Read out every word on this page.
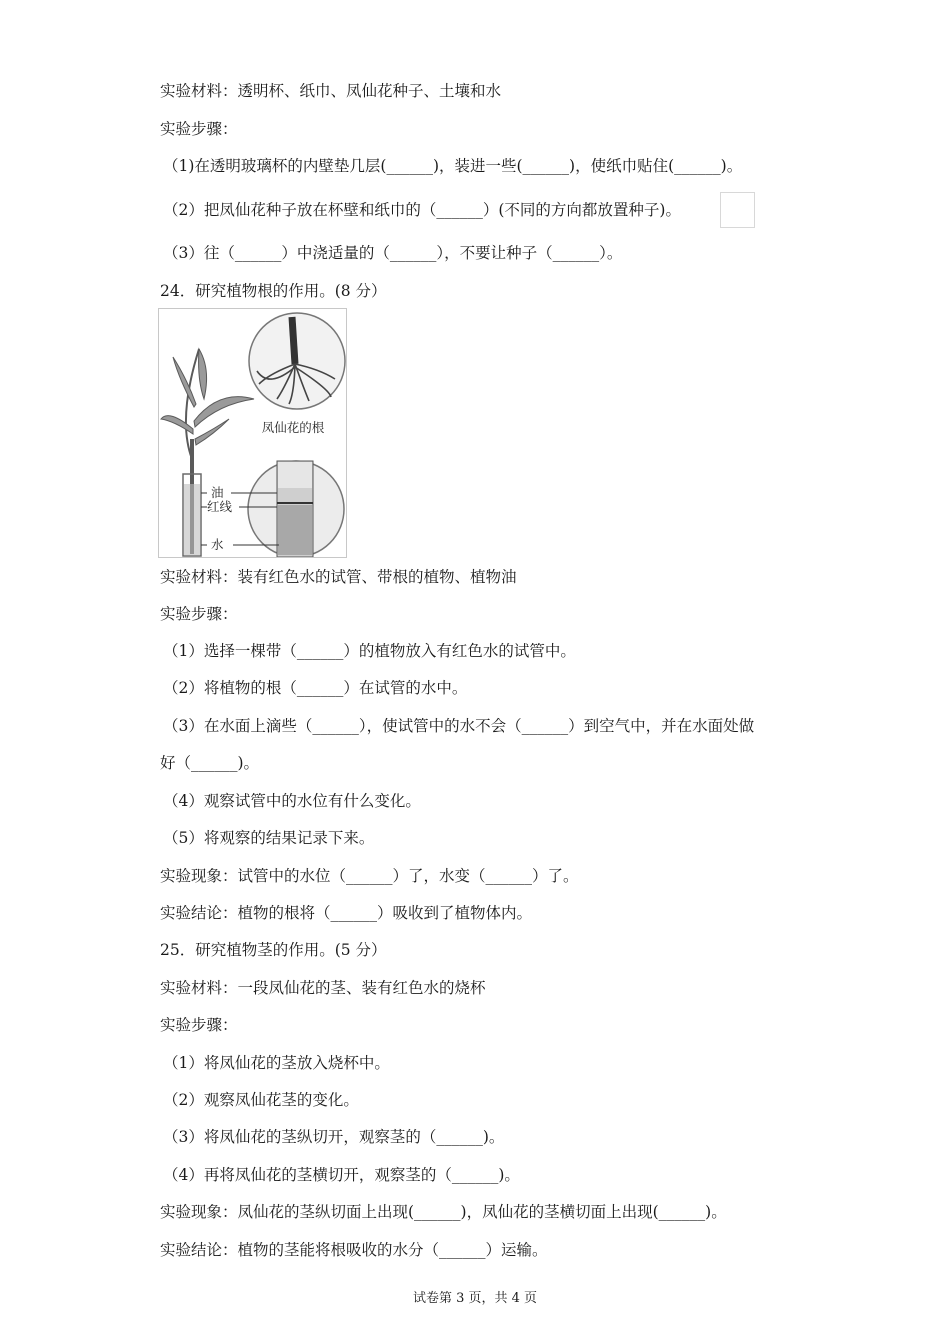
实验材料：透明杯、纸巾、凤仙花种子、土壤和水
实验步骤：
（1)在透明玻璃杯的内壁垫几层(______)，装进一些(______)，使纸巾贴住(______)。
（2）把凤仙花种子放在杯壁和纸巾的（______）(不同的方向都放置种子)。
（3）往（______）中浇适量的（______），不要让种子（______）。
24．研究植物根的作用。(8 分）
凤仙花的根
油
红线
水
实验材料：装有红色水的试管、带根的植物、植物油
实验步骤：
（1）选择一棵带（______）的植物放入有红色水的试管中。
（2）将植物的根（______）在试管的水中。
（3）在水面上滴些（______），使试管中的水不会（______）到空气中，并在水面处做
好（______)。
（4）观察试管中的水位有什么变化。
（5）将观察的结果记录下来。
实验现象：试管中的水位（______）了，水变（______）了。
实验结论：植物的根将（______）吸收到了植物体内。
25．研究植物茎的作用。(5 分）
实验材料：一段凤仙花的茎、装有红色水的烧杯
实验步骤：
（1）将凤仙花的茎放入烧杯中。
（2）观察凤仙花茎的变化。
（3）将凤仙花的茎纵切开，观察茎的（______)。
（4）再将凤仙花的茎横切开，观察茎的（______)。
实验现象：凤仙花的茎纵切面上出现(______)，凤仙花的茎横切面上出现(______)。
实验结论：植物的茎能将根吸收的水分（______）运输。
试卷第 3 页，共 4 页
